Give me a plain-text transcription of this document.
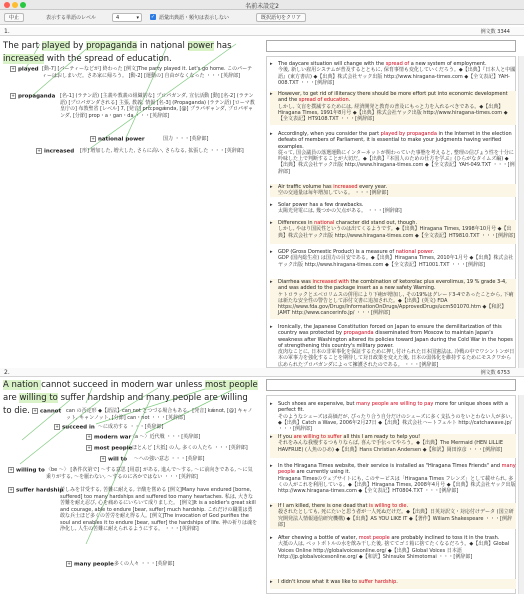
名前未設定2
中止	表示する単語のレベル	4	▾ ✓ 語彙出典語・頻句は表示しない	既択語句をクリア
1.	例文数 3344
The part played by propaganda in national power has increased with the spread of education.
+ played [動-7] [パーティーなどが] 終わった [例文]The party played it. Let's go home. このパーティーはおしまいだ。さあ家に帰ろう。 [動-2] [運動の] 自由がなくなった ・・・[英辞郎]
+ propaganda [名-1] (ラテン語) [主義や教義の組織的な] プロパガンダ, 宣伝活動 [動] [名-2] (ラテン語) [プロパガンダされる] 主張, 教義, 情報 [名-3] (Propaganda) (ラテン語) [ローマ教皇庁の] 布教聖省 [レベル] 7, [発音] prɑ̀ːpəɡǽndə, [@] プラパギャンダ, プロパギャンダ, [分節] prop・a・gan・da ・・・[英辞郎]
+ national power	国力 ・・・[英辞郎]
+ increased [形] 増加した, 増大した, さらに高い, さらなる, 拡張した ・・・[英辞郎]
▸ The daycare situation will change with the spread of a new system of employment.
今後, 新しい雇用システムが普及するとともに, 保育事情も変化していくだろう。◆【出典】『日本人と中國語』(東方書店) ◆【出典】株式会社ヤック出版 http://www.hiragana-times.com ◆【全文表記】YAH-008.TXT ・・・[例辞郎]
▸ However, to get rid of illiteracy there should be more effort put into economic development and the spread of education.
しかし, 文盲を撲滅するためには, 経済開発と教育の普及にもっと力を入れるべきである。◆【出典】Hiragana Times, 1991年8月号 ◆【出典】株式会社ヤック出版 http://www.hiragana-times.com ◆【全文表記】HT9108.TXT ・・・[例辞郎]
▸ Accordingly, when you consider the part played by propaganda in the Internet in the election defeats of members of Parliament, it is essential to make your judgments having verified examples.
従って, 国会議員の落選運動にインターネットが関わっていた事態を考えると, 整理の信ぴょう性を十分に吟味した上で判断することが大切だ。◆【出典】『本国人のための仕方を学ぶ』(ひらがなタイムズ編) ◆【出典】株式会社ヤック出版 http://www.hiragana-times.com ◆【全文表記】YAH-049.TXT ・・・[例辞郎]
▸ Air traffic volume has increased every year.
空の交通量は毎年増加している。 ・・・[例辞郎]
▸ Solar power has a few drawbacks.
太陽光発電には, 幾つかの欠点がある。 ・・・[例辞郎]
▸ Differences in national character did stand out, though.
しかし, やはり国民性というのは出てくるようです。◆【出典】Hiragana Times, 1998年10月号 ◆【出典】株式会社ヤック出版 http://www.hiragana-times.com ◆【全文表記】HT9810.TXT ・・・[例辞郎]
▸ GDP (Gross Domestic Product) is a measure of national power.
GDP (国内総生産) は国力の目安である。◆【出典】Hiragana Times, 2010年1月号 ◆【出典】株式会社ヤック出版 http://www.hiragana-times.com ◆【全文表記】HT1001.TXT ・・・[例辞郎]
▸ Diarrhea was increased with the combination of ketorolac plus everolimus, 19 % grade 3-4, and was added to the package insert as a new safety Warning.
ケトロラックとエベロリムスの併用により下痢が増加し, その19%はグレード3-4であったことから, 下痢は新たな安全性の警告として添付文書に追加された。◆【出典】(英文) FDA https://www.fda.gov/Drugs/InformationOnDrugs/ApprovedDrugs/ucm501070.htm ◆【和訳】JAMT http://www.cancerinfo.jp/ ・・・[例辞郎]
▸ Ironically, the Japanese Constitution forced on Japan to ensure the demilitarization of this country was protected by propaganda disseminated from Moscow to maintain Japan's weakness after Washington altered its policies toward Japan during the Cold War in the hopes of strengthening this country's military power.
皮肉なことに, 日本の非軍事化を保証するために押し付けられた日本国憲法は, 冷戦の中でワシントンが日本の軍事力を強化することを期待して対日政策を変えた後, 日本の弱体化を維持するためにモスクワから広められたプロパガンダによって擁護されたのである。 ・・・[例辞郎]
2.	例文数 6753
A nation cannot succeed in modern war unless most people are willing to suffer hardship and many people are willing to die. + cannot can の否定形 ◆【語法】can not とつづる場合もある。[発音] kǽnɑt, [@] キャノット, キャンノット, [分節] can・not ・・・[英辞郎]
+ succeed in 〜に成功する ・・・[英辞郎]
+ modern war
〈a 〜〉近代戦 ・・・[英辞郎]
+ most people ほとんど [大抵] の人, 多くの人たち ・・・[英辞郎]
+ will to 〜への強い意志 ・・・[英辞郎]
+ willing to 〈be 〜〉 [条件次第で] 〜する意思 [用意] がある, 進んで〜する, 〜に前向きである, 〜に気乗りがする, 〜を厭わない, 〜するのに吝かではない ・・・[英辞郎]
+ suffer hardship
苦しみを甘受する, 苦難に耐える, 辛酸を嘗める [例文]Many have endured [borne, suffered] too many hardships and suffered too many heartaches. 私は, 大きな苦難を耐え忍び, 心を痛めるにいちいて成りました。 [例文]It is a soldier's great skill and courage, able to endure [bear, suffer] much hardship. これだけの職業は勇敢な兵士ほど多くの苦労を耐え得る人。[例文]The invocation of God purifies the soul and enables it to endure [bear, suffer] the hardships of life. 神の祈りは魂を浄化し, 人生の苦難に耐えられるようにする。 ・・・[英辞郎]
+ many people 多くの人々 ・・・[英辞郎]
▸ Such shoes are expensive, but many people are willing to pay more for unique shoes with a perfect fit.
そのようなシューズは高価だが, ぴったり合う自分だけのシューズに多く支払うのをいとわない人が多い。◆【出典】Catch a Wave, 2006年2月27日 ◆【出典】株式会社ハートフェルト http://catchawave.jp/ ・・・[例辞郎]
▸ If you are willing to suffer all this I am ready to help you!
それをみんな我慢するつもりならば, 喜んで手伝ってやろう。◆【出典】The Mermaid (HEN LILLIE HAVFRUE) (人魚のひめ) ◆【出典】Hans Christian Andersen ◆【和訳】岡田淳彦 ・・・[例辞郎]
▸ In the Hiragana Times website, their service is installed as "Hiragana Times Friends" and many people are currently using it.
Hiragana Timesのウェブサイトにも, このサービスは「Hiragana Times フレンズ」として載せられ, 多くの人がこれを利用している。◆【出典】Hiragana Times, 2008年4月号 ◆【出典】株式会社ヤック出版 http://www.hiragana-times.com ◆【全文表記】HT0804.TXT ・・・[例辞郎]
▸ If I am killed, there is one dead that is willing to die.
殺されたとしても, 死にたいと思う者が一人死ぬだけだ。◆【出典】日英対訳文・対応付けデータ (国立研究開発法人情報通信研究機構) ◆【出典】AS YOU LIKE IT ◆【著作】Wiliam Shakespeare ・・・[例辞郎]
▸ After chewing a bottle of water, most people are probably inclined to toss it in the trash.
大抵の人は, ペットボトルの水を飲み干した後, 捨ててゴミ箱に捨てたくなるだろう。◆【出典】Global Voices Online http://globalvoicesonline.org/ ◆【出典】Global Voices 日本語 http://jp.globalvoicesonline.org/ ◆【和訳】Shinsuke Shimotomai ・・・[例辞郎]
▸ I didn't know what it was like to suffer hardship.
